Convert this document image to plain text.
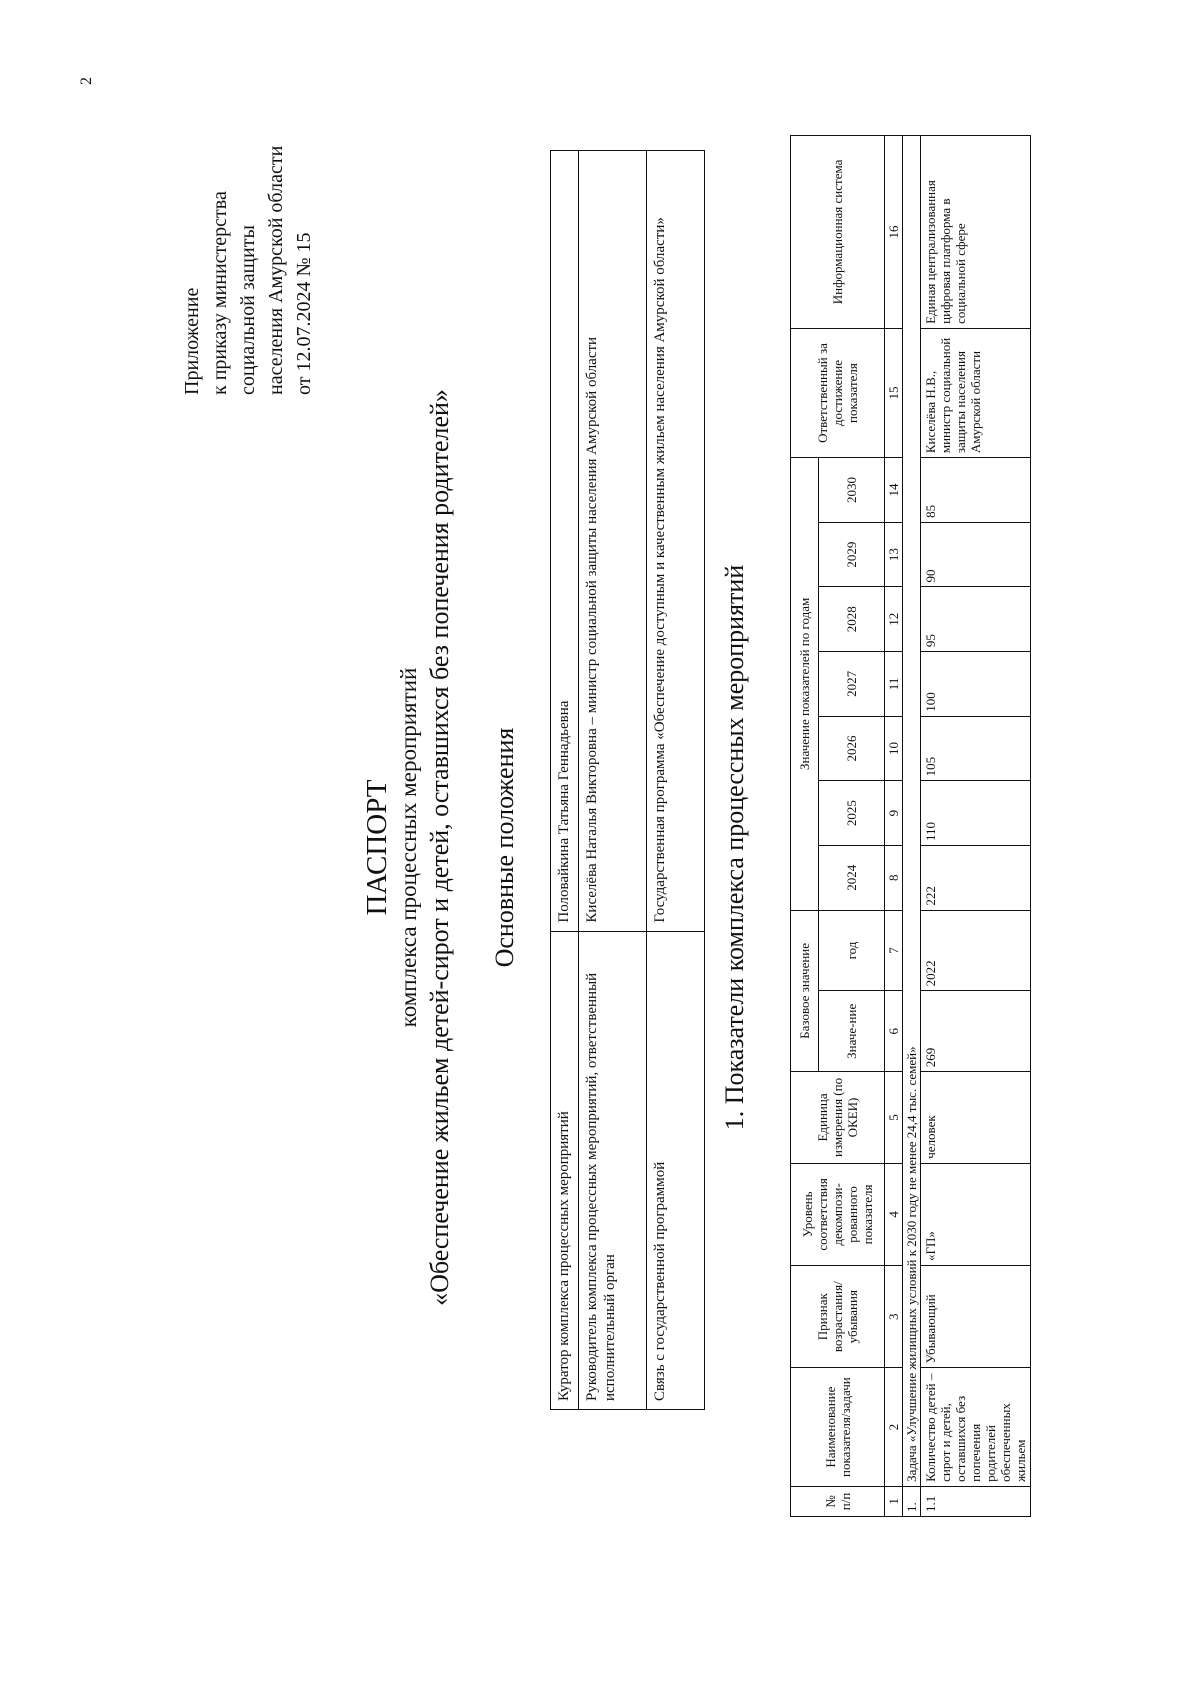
2
Приложение к приказу министерства социальной защиты населения Амурской области от 12.07.2024 № 15
ПАСПОРТ комплекса процессных мероприятий «Обеспечение жильем детей-сирот и детей, оставшихся без попечения родителей» Основные положения
Куратор комплекса процессных мероприятий	Половайкина Татьяна Геннадьевна
Руководитель комплекса процессных мероприятий, ответственный исполнительный орган	Киселёва Наталья Викторовна – министр социальной защиты населения Амурской области
Связь с государственной программой	Государственная программа «Обеспечение доступным и качественным жильем населения Амурской области» 1. Показатели комплекса процессных мероприятий
№ п/п	Наименование показателя/задачи	Признак возрастания/ убывания	Уровень соответствия декомпози-рованного показателя	Единица измерения (по ОКЕИ)	Базовое значение		Значение показателей по годам							Ответственный за достижение показателя	Информационная система
					Значе-ние	год	2024	2025	2026	2027	2028	2029	2030		
1	2	3	4	5	6	7	8	9	10	11	12	13	14	15	16
1.	Задача «Улучшение жилищных условий к 2030 году не менее 24,4 тыс. семей»														
1.1	Количество детей – сирот и детей, оставшихся без попечения родителей обеспеченных жильем	Убывающий	«ГП»	человек	269	2022	222	110	105	100	95	90	85	Киселёва Н.В., министр социальной защиты населения Амурской области	Единая централизованная цифровая платформа в социальной сфере
